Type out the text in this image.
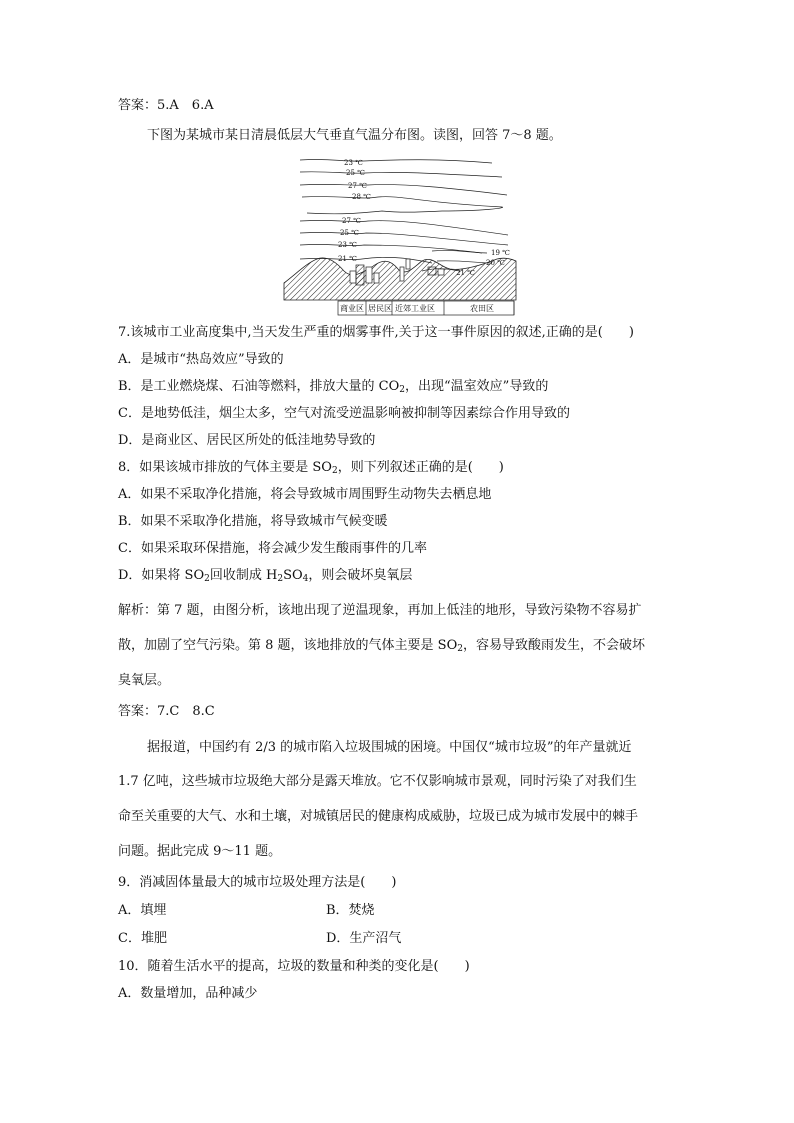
答案：5.A　6.A
下图为某城市某日清晨低层大气垂直气温分布图。读图，回答 7～8 题。
23 ℃
25 ℃
27 ℃
28 ℃
27 ℃
25 ℃
23 ℃
21 ℃
19 ℃
商业区 居民区 近郊工业区	农田区
7.该城市工业高度集中,当天发生严重的烟雾事件,关于这一事件原因的叙述,正确的是(　　)
A．是城市“热岛效应”导致的
B．是工业燃烧煤、石油等燃料，排放大量的 $CO_2$，出现“温室效应”导致的
C．是地势低洼，烟尘太多，空气对流受逆温影响被抑制等因素综合作用导致的
D．是商业区、居民区所处的低洼地势导致的
8．如果该城市排放的气体主要是 $SO_2$，则下列叙述正确的是(　　)
A．如果不采取净化措施，将会导致城市周围野生动物失去栖息地
B．如果不采取净化措施，将导致城市气候变暖
C．如果采取环保措施，将会减少发生酸雨事件的几率
D．如果将 $SO_2$回收制成 $H_2SO_4$，则会破坏臭氧层
解析：第 7 题，由图分析，该地出现了逆温现象，再加上低洼的地形，导致污染物不容易扩
散，加剧了空气污染。第 8 题，该地排放的气体主要是 $SO_2$，容易导致酸雨发生，不会破坏
臭氧层。
答案：7.C　8.C
据报道，中国约有 2/3 的城市陷入垃圾围城的困境。中国仅“城市垃圾”的年产量就近
1.7 亿吨，这些城市垃圾绝大部分是露天堆放。它不仅影响城市景观，同时污染了对我们生
命至关重要的大气、水和土壤，对城镇居民的健康构成威胁，垃圾已成为城市发展中的棘手
问题。据此完成 9～11 题。
9．消减固体量最大的城市垃圾处理方法是(　　)
A．填埋	B．焚烧
C．堆肥	D．生产沼气
10．随着生活水平的提高，垃圾的数量和种类的变化是(　　)
A．数量增加，品种减少
